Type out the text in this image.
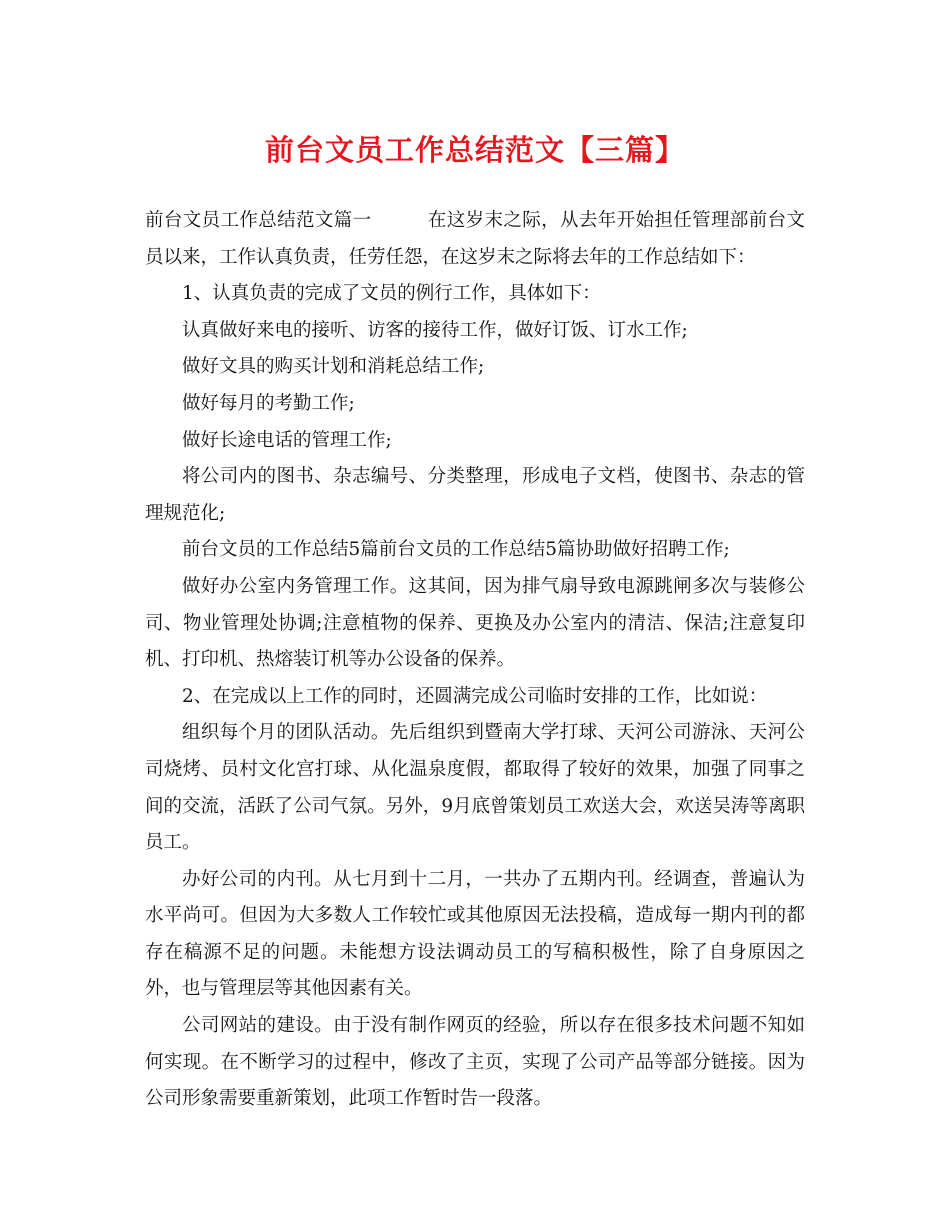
前台文员工作总结范文【三篇】

前台文员工作总结范文篇一	在这岁末之际，从去年开始担任管理部前台文员以来，工作认真负责，任劳任怨，在这岁末之际将去年的工作总结如下：

1、认真负责的完成了文员的例行工作，具体如下：

认真做好来电的接听、访客的接待工作，做好订饭、订水工作;

做好文具的购买计划和消耗总结工作;

做好每月的考勤工作;

做好长途电话的管理工作;

将公司内的图书、杂志编号、分类整理，形成电子文档，使图书、杂志的管理规范化;

前台文员的工作总结5篇前台文员的工作总结5篇协助做好招聘工作;

做好办公室内务管理工作。这其间，因为排气扇导致电源跳闸多次与装修公司、物业管理处协调;注意植物的保养、更换及办公室内的清洁、保洁;注意复印机、打印机、热熔装订机等办公设备的保养。

2、在完成以上工作的同时，还圆满完成公司临时安排的工作，比如说：

组织每个月的团队活动。先后组织到暨南大学打球、天河公司游泳、天河公司烧烤、员村文化宫打球、从化温泉度假，都取得了较好的效果，加强了同事之间的交流，活跃了公司气氛。另外，9月底曾策划员工欢送大会，欢送吴涛等离职员工。

办好公司的内刊。从七月到十二月，一共办了五期内刊。经调查，普遍认为水平尚可。但因为大多数人工作较忙或其他原因无法投稿，造成每一期内刊的都存在稿源不足的问题。未能想方设法调动员工的写稿积极性，除了自身原因之外，也与管理层等其他因素有关。

公司网站的建设。由于没有制作网页的经验，所以存在很多技术问题不知如何实现。在不断学习的过程中，修改了主页，实现了公司产品等部分链接。因为公司形象需要重新策划，此项工作暂时告一段落。
